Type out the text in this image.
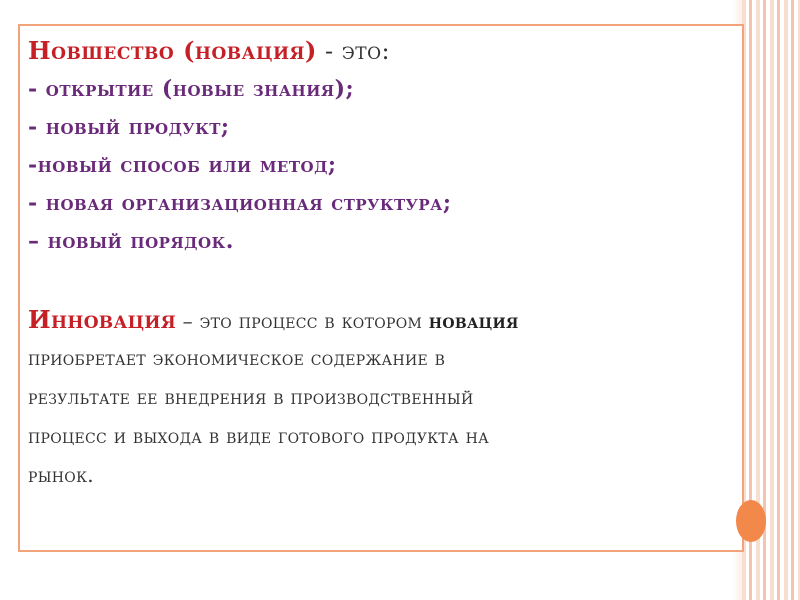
Новшество (новация) - это:

- открытие (новые знания);

- новый продукт;

-новый способ или метод;

- новая организационная структура;

– новый порядок.

Инновация – это процесс в котором новация

приобретает экономическое содержание в

результате ее внедрения в производственный

процесс и выхода в виде готового продукта на

рынок.
